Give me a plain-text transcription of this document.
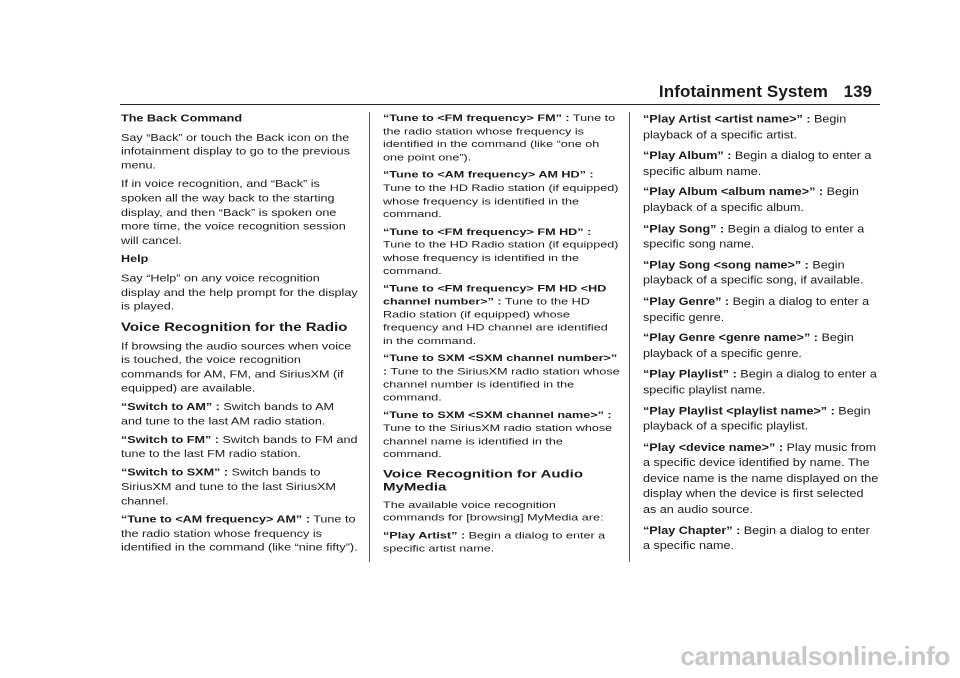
Infotainment System 139

The Back Command

Say “Back” or touch the Back icon on the infotainment display to go to the previous menu.

If in voice recognition, and “Back” is spoken all the way back to the starting display, and then “Back” is spoken one more time, the voice recognition session will cancel.

Help

Say “Help” on any voice recognition display and the help prompt for the display is played.

Voice Recognition for the Radio

If browsing the audio sources when voice is touched, the voice recognition commands for AM, FM, and SiriusXM (if equipped) are available.

“Switch to AM” : Switch bands to AM and tune to the last AM radio station.

“Switch to FM” : Switch bands to FM and tune to the last FM radio station.

“Switch to SXM” : Switch bands to SiriusXM and tune to the last SiriusXM channel.

“Tune to <AM frequency> AM” : Tune to the radio station whose frequency is identified in the command (like “nine fifty”).

“Tune to <FM frequency> FM” : Tune to the radio station whose frequency is identified in the command (like “one oh one point one”).

“Tune to <AM frequency> AM HD” : Tune to the HD Radio station (if equipped) whose frequency is identified in the command.

“Tune to <FM frequency> FM HD” : Tune to the HD Radio station (if equipped) whose frequency is identified in the command.

“Tune to <FM frequency> FM HD <HD channel number>” : Tune to the HD Radio station (if equipped) whose frequency and HD channel are identified in the command.

“Tune to SXM <SXM channel number>” : Tune to the SiriusXM radio station whose channel number is identified in the command.

“Tune to SXM <SXM channel name>” : Tune to the SiriusXM radio station whose channel name is identified in the command.

Voice Recognition for Audio MyMedia

The available voice recognition commands for [browsing] MyMedia are:

“Play Artist” : Begin a dialog to enter a specific artist name.

“Play Artist <artist name>” : Begin playback of a specific artist.

“Play Album” : Begin a dialog to enter a specific album name.

“Play Album <album name>” : Begin playback of a specific album.

“Play Song” : Begin a dialog to enter a specific song name.

“Play Song <song name>” : Begin playback of a specific song, if available.

“Play Genre” : Begin a dialog to enter a specific genre.

“Play Genre <genre name>” : Begin playback of a specific genre.

“Play Playlist” : Begin a dialog to enter a specific playlist name.

“Play Playlist <playlist name>” : Begin playback of a specific playlist.

“Play <device name>” : Play music from a specific device identified by name. The device name is the name displayed on the display when the device is first selected as an audio source.

“Play Chapter” : Begin a dialog to enter a specific name.

carmanualsonline.info
